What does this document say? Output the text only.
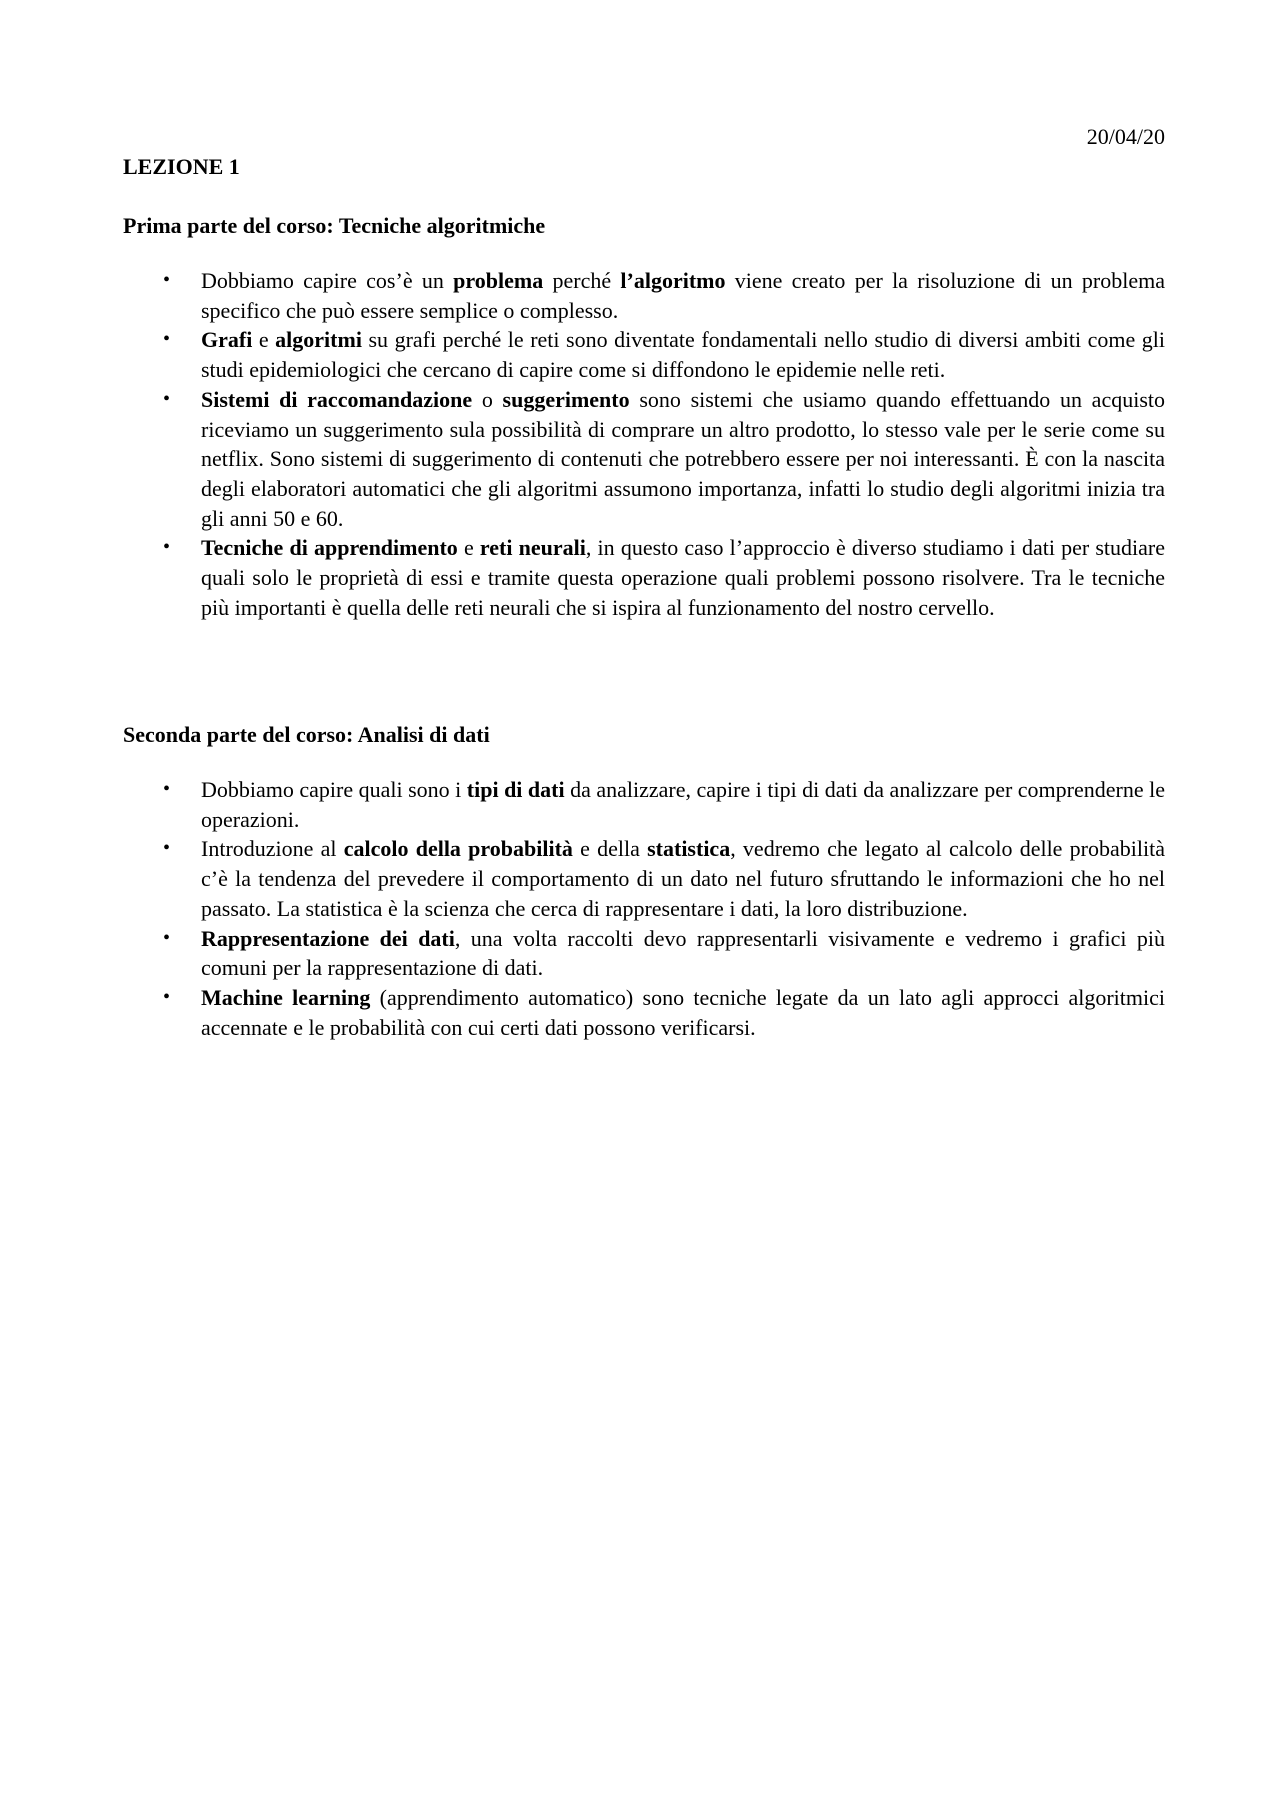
20/04/20
LEZIONE 1
Prima parte del corso: Tecniche algoritmiche
• Dobbiamo capire cos’è un problema perché l’algoritmo viene creato per la risoluzione di un problema specifico che può essere semplice o complesso.
• Grafi e algoritmi su grafi perché le reti sono diventate fondamentali nello studio di diversi ambiti come gli studi epidemiologici che cercano di capire come si diffondono le epidemie nelle reti.
• Sistemi di raccomandazione o suggerimento sono sistemi che usiamo quando effettuando un acquisto riceviamo un suggerimento sula possibilità di comprare un altro prodotto, lo stesso vale per le serie come su netflix. Sono sistemi di suggerimento di contenuti che potrebbero essere per noi interessanti. È con la nascita degli elaboratori automatici che gli algoritmi assumono importanza, infatti lo studio degli algoritmi inizia tra gli anni 50 e 60.
• Tecniche di apprendimento e reti neurali, in questo caso l’approccio è diverso studiamo i dati per studiare quali solo le proprietà di essi e tramite questa operazione quali problemi possono risolvere. Tra le tecniche più importanti è quella delle reti neurali che si ispira al funzionamento del nostro cervello.
Seconda parte del corso: Analisi di dati
• Dobbiamo capire quali sono i tipi di dati da analizzare, capire i tipi di dati da analizzare per comprenderne le operazioni.
• Introduzione al calcolo della probabilità e della statistica, vedremo che legato al calcolo delle probabilità c’è la tendenza del prevedere il comportamento di un dato nel futuro sfruttando le informazioni che ho nel passato. La statistica è la scienza che cerca di rappresentare i dati, la loro distribuzione.
• Rappresentazione dei dati, una volta raccolti devo rappresentarli visivamente e vedremo i grafici più comuni per la rappresentazione di dati.
• Machine learning (apprendimento automatico) sono tecniche legate da un lato agli approcci algoritmici accennate e le probabilità con cui certi dati possono verificarsi.
